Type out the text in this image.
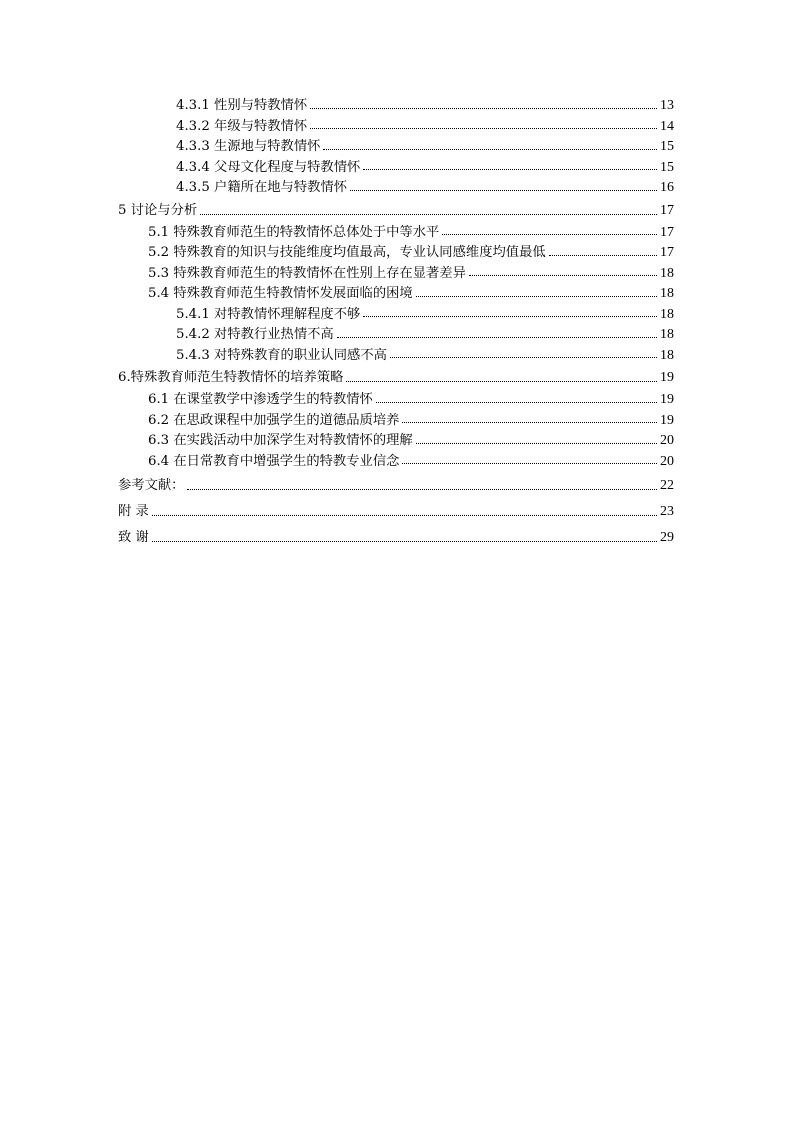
4.3.1 性别与特教情怀	13
4.3.2 年级与特教情怀	14
4.3.3 生源地与特教情怀	15
4.3.4 父母文化程度与特教情怀	15
4.3.5 户籍所在地与特教情怀	16
5 讨论与分析	17
5.1 特殊教育师范生的特教情怀总体处于中等水平	17
5.2 特殊教育的知识与技能维度均值最高，专业认同感维度均值最低	17
5.3 特殊教育师范生的特教情怀在性别上存在显著差异	18
5.4 特殊教育师范生特教情怀发展面临的困境	18
5.4.1 对特教情怀理解程度不够	18
5.4.2 对特教行业热情不高	18
5.4.3 对特殊教育的职业认同感不高	18
6.特殊教育师范生特教情怀的培养策略	19
6.1 在课堂教学中渗透学生的特教情怀	19
6.2 在思政课程中加强学生的道德品质培养	19
6.3 在实践活动中加深学生对特教情怀的理解	20
6.4 在日常教育中增强学生的特教专业信念	20
参考文献：	22
附 录	23
致 谢	29
